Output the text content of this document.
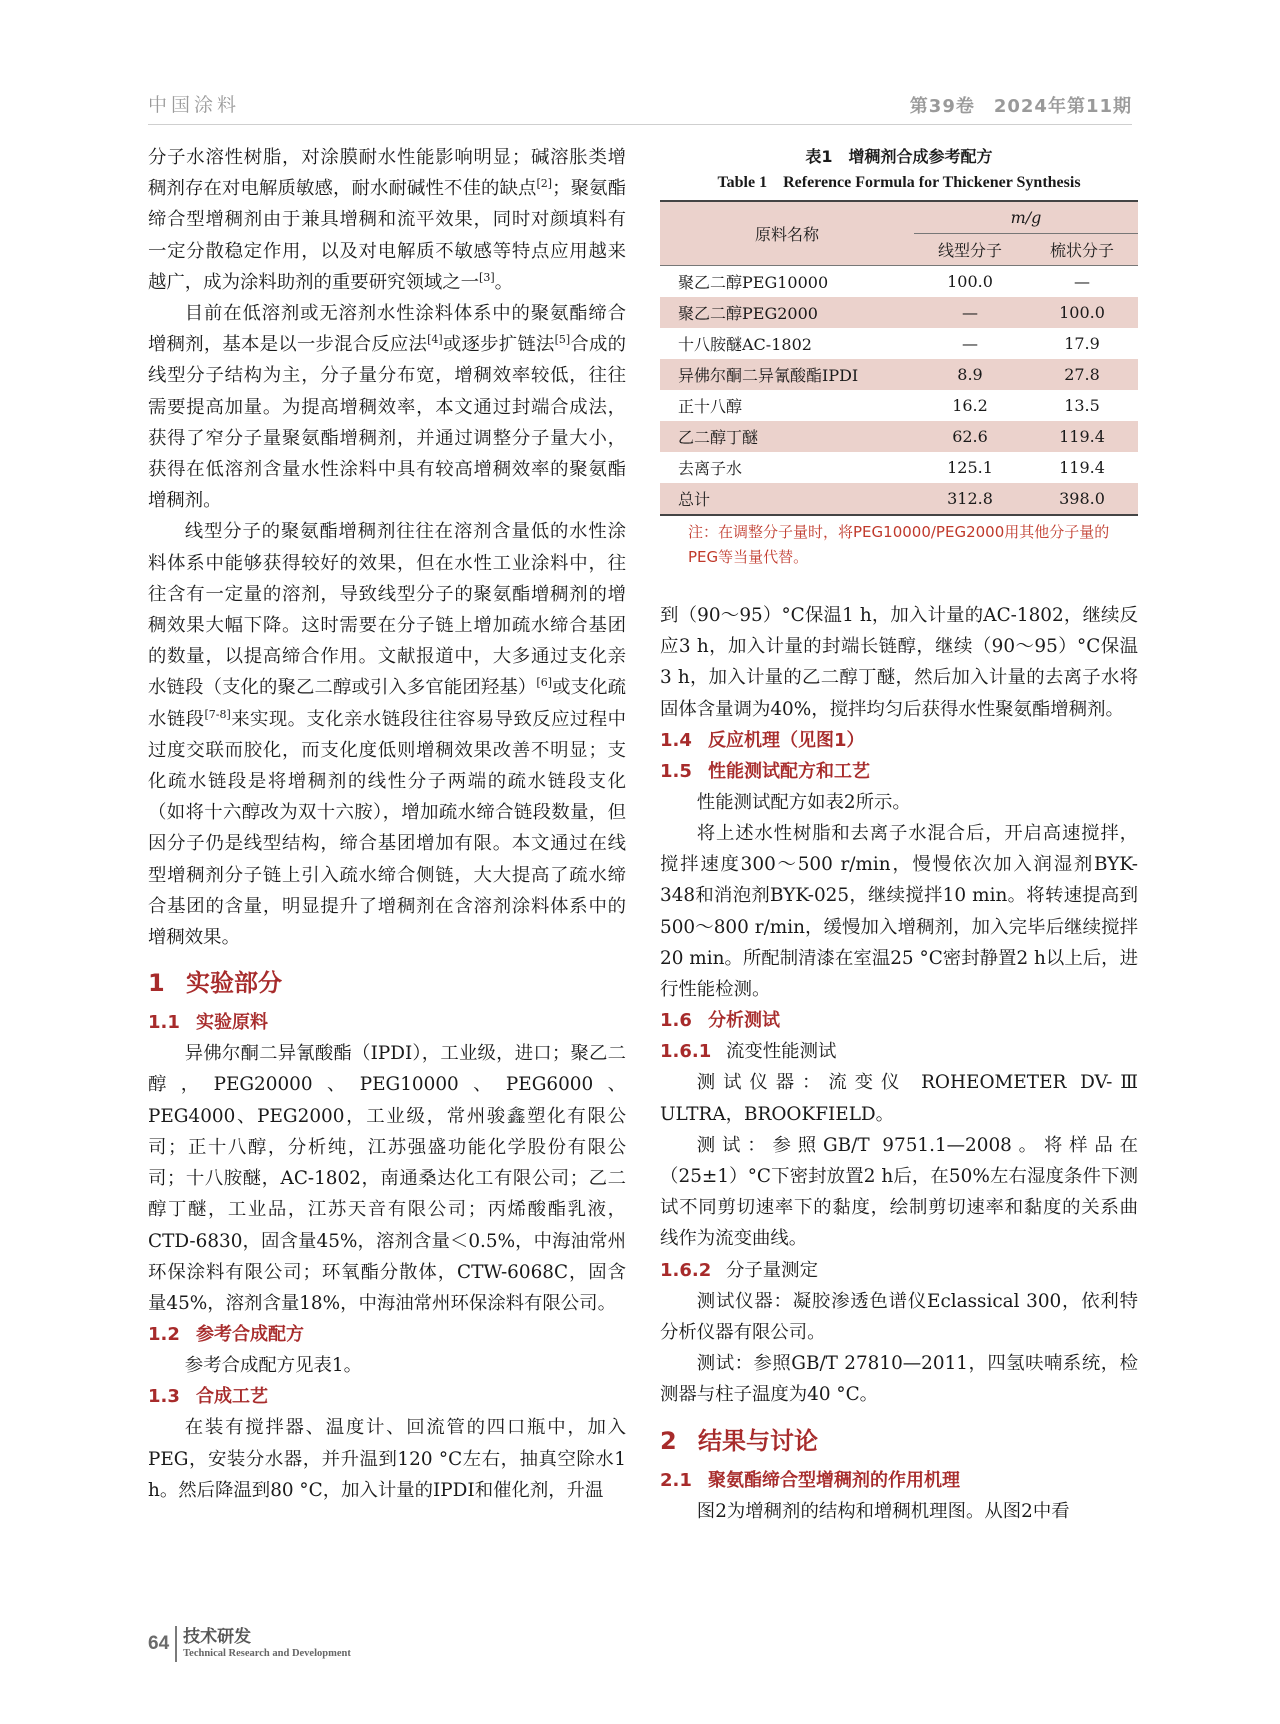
中国涂料	第39卷　2024年第11期

分子水溶性树脂，对涂膜耐水性能影响明显；碱溶胀类增稠剂存在对电解质敏感，耐水耐碱性不佳的缺点[2]；聚氨酯缔合型增稠剂由于兼具增稠和流平效果，同时对颜填料有一定分散稳定作用，以及对电解质不敏感等特点应用越来越广，成为涂料助剂的重要研究领域之一[3]。

目前在低溶剂或无溶剂水性涂料体系中的聚氨酯缔合增稠剂，基本是以一步混合反应法[4]或逐步扩链法[5]合成的线型分子结构为主，分子量分布宽，增稠效率较低，往往需要提高加量。为提高增稠效率，本文通过封端合成法，获得了窄分子量聚氨酯增稠剂，并通过调整分子量大小，获得在低溶剂含量水性涂料中具有较高增稠效率的聚氨酯增稠剂。

线型分子的聚氨酯增稠剂往往在溶剂含量低的水性涂料体系中能够获得较好的效果，但在水性工业涂料中，往往含有一定量的溶剂，导致线型分子的聚氨酯增稠剂的增稠效果大幅下降。这时需要在分子链上增加疏水缔合基团的数量，以提高缔合作用。文献报道中，大多通过支化亲水链段（支化的聚乙二醇或引入多官能团羟基）[6]或支化疏水链段[7-8]来实现。支化亲水链段往往容易导致反应过程中过度交联而胶化，而支化度低则增稠效果改善不明显；支化疏水链段是将增稠剂的线性分子两端的疏水链段支化（如将十六醇改为双十六胺），增加疏水缔合链段数量，但因分子仍是线型结构，缔合基团增加有限。本文通过在线型增稠剂分子链上引入疏水缔合侧链，大大提高了疏水缔合基团的含量，明显提升了增稠剂在含溶剂涂料体系中的增稠效果。

1 实验部分
1.1 实验原料

异佛尔酮二异氰酸酯（IPDI），工业级，进口；聚乙二醇，PEG20000、PEG10000、PEG6000、PEG4000、PEG2000，工业级，常州骏鑫塑化有限公司；正十八醇，分析纯，江苏强盛功能化学股份有限公司；十八胺醚，AC-1802，南通桑达化工有限公司；乙二醇丁醚，工业品，江苏天音有限公司；丙烯酸酯乳液，CTD-6830，固含量45%，溶剂含量＜0.5%，中海油常州环保涂料有限公司；环氧酯分散体，CTW-6068C，固含量45%，溶剂含量18%，中海油常州环保涂料有限公司。

1.2 参考合成配方

参考合成配方见表1。

1.3 合成工艺

在装有搅拌器、温度计、回流管的四口瓶中，加入PEG，安装分水器，并升温到120 °C左右，抽真空除水1 h。然后降温到80 °C，加入计量的IPDI和催化剂，升温

表1　增稠剂合成参考配方
Table 1　Reference Formula for Thickener Synthesis
原料名称	m/g	
	线型分子	梳状分子
聚乙二醇PEG10000	100.0	—
聚乙二醇PEG2000	—	100.0
十八胺醚AC-1802	—	17.9
异佛尔酮二异氰酸酯IPDI	8.9	27.8
正十八醇	16.2	13.5
乙二醇丁醚	62.6	119.4
去离子水	125.1	119.4
总计	312.8	398.0
注：在调整分子量时，将PEG10000/PEG2000用其他分子量的PEG等当量代替。

到（90～95）°C保温1 h，加入计量的AC-1802，继续反应3 h，加入计量的封端长链醇，继续（90～95）°C保温3 h，加入计量的乙二醇丁醚，然后加入计量的去离子水将固体含量调为40%，搅拌均匀后获得水性聚氨酯增稠剂。

1.4 反应机理（见图1）
1.5 性能测试配方和工艺

性能测试配方如表2所示。

将上述水性树脂和去离子水混合后，开启高速搅拌，搅拌速度300～500 r/min，慢慢依次加入润湿剂BYK-348和消泡剂BYK-025，继续搅拌10 min。将转速提高到500～800 r/min，缓慢加入增稠剂，加入完毕后继续搅拌20 min。所配制清漆在室温25 °C密封静置2 h以上后，进行性能检测。

1.6 分析测试
1.6.1 流变性能测试

测试仪器：流变仪 ROHEOMETER DV-Ⅲ ULTRA，BROOKFIELD。

测试：参照GB/T 9751.1—2008。将样品在（25±1）°C下密封放置2 h后，在50%左右湿度条件下测试不同剪切速率下的黏度，绘制剪切速率和黏度的关系曲线作为流变曲线。

1.6.2 分子量测定

测试仪器：凝胶渗透色谱仪Eclassical 300，依利特分析仪器有限公司。

测试：参照GB/T 27810—2011，四氢呋喃系统，检测器与柱子温度为40 °C。

2 结果与讨论
2.1 聚氨酯缔合型增稠剂的作用机理

图2为增稠剂的结构和增稠机理图。从图2中看

64 技术研发
Technical Research and Development
